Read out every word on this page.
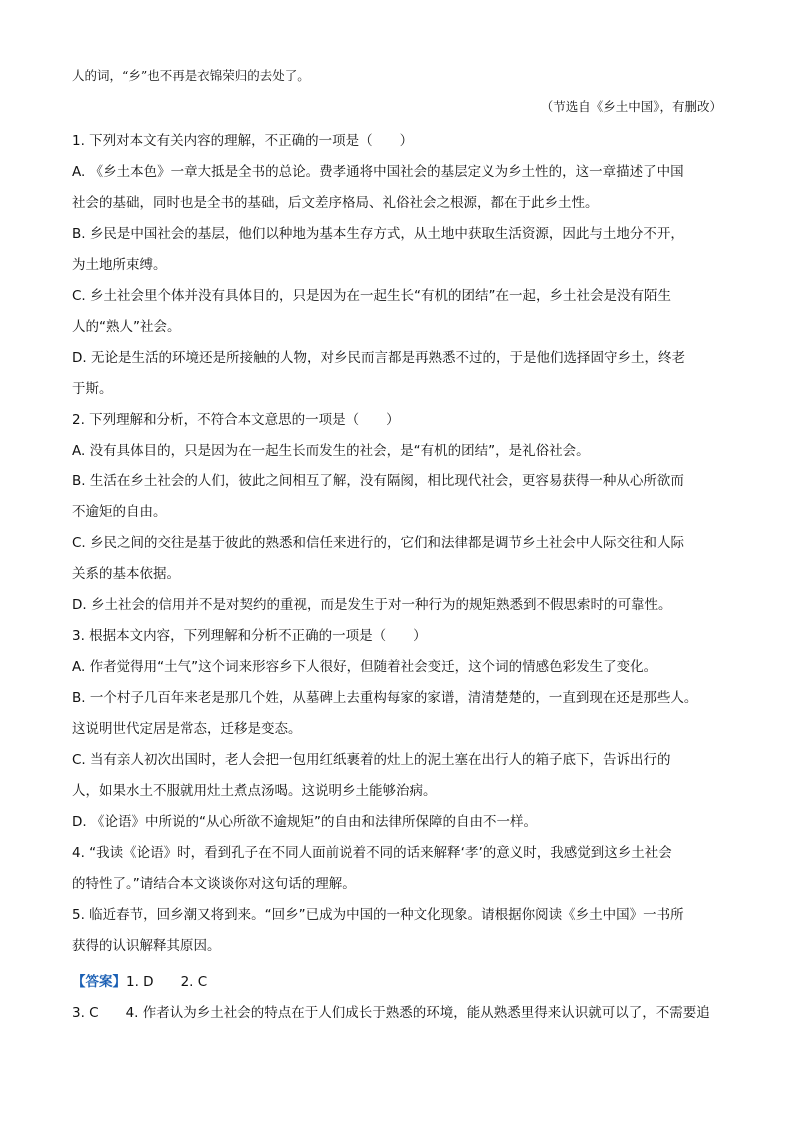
人的词，“乡”也不再是衣锦荣归的去处了。
（节选自《乡土中国》，有删改）
1. 下列对本文有关内容的理解，不正确的一项是（　　）
A. 《乡土本色》一章大抵是全书的总论。费孝通将中国社会的基层定义为乡土性的，这一章描述了中国
社会的基础，同时也是全书的基础，后文差序格局、礼俗社会之根源，都在于此乡土性。
B. 乡民是中国社会的基层，他们以种地为基本生存方式，从土地中获取生活资源，因此与土地分不开，
为土地所束缚。
C. 乡土社会里个体并没有具体目的，只是因为在一起生长“有机的团结”在一起，乡土社会是没有陌生
人的“熟人”社会。
D. 无论是生活的环境还是所接触的人物，对乡民而言都是再熟悉不过的，于是他们选择固守乡土，终老
于斯。
2. 下列理解和分析，不符合本文意思的一项是（　　）
A. 没有具体目的，只是因为在一起生长而发生的社会，是“有机的团结”，是礼俗社会。
B. 生活在乡土社会的人们，彼此之间相互了解，没有隔阂，相比现代社会，更容易获得一种从心所欲而
不逾矩的自由。
C. 乡民之间的交往是基于彼此的熟悉和信任来进行的，它们和法律都是调节乡土社会中人际交往和人际
关系的基本依据。
D. 乡土社会的信用并不是对契约的重视，而是发生于对一种行为的规矩熟悉到不假思索时的可靠性。
3. 根据本文内容，下列理解和分析不正确的一项是（　　）
A. 作者觉得用“土气”这个词来形容乡下人很好，但随着社会变迁，这个词的情感色彩发生了变化。
B. 一个村子几百年来老是那几个姓，从墓碑上去重构每家的家谱，清清楚楚的，一直到现在还是那些人。
这说明世代定居是常态，迁移是变态。
C. 当有亲人初次出国时，老人会把一包用红纸裹着的灶上的泥土塞在出行人的箱子底下，告诉出行的
人，如果水土不服就用灶土煮点汤喝。这说明乡土能够治病。
D. 《论语》中所说的“从心所欲不逾规矩”的自由和法律所保障的自由不一样。
4. “我读《论语》时，看到孔子在不同人面前说着不同的话来解释‘孝’的意义时，我感觉到这乡土社会
的特性了。”请结合本文谈谈你对这句话的理解。
5. 临近春节，回乡潮又将到来。“回乡”已成为中国的一种文化现象。请根据你阅读《乡土中国》一书所
获得的认识解释其原因。
【答案】1. D　　2. C
3. C　　4. 作者认为乡土社会的特点在于人们成长于熟悉的环境，能从熟悉里得来认识就可以了，不需要追
